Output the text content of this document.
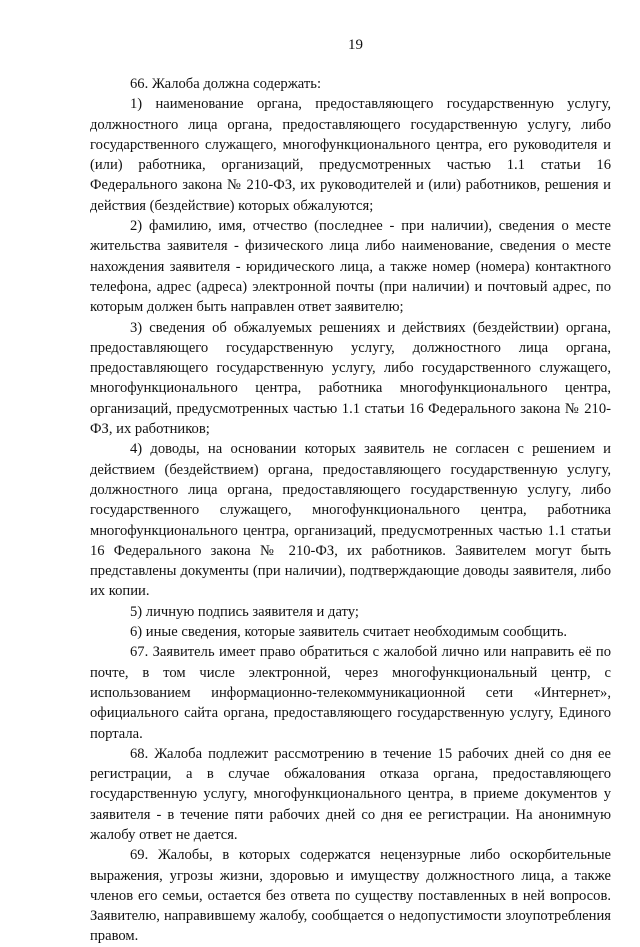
19

66. Жалоба должна содержать:

1) наименование органа, предоставляющего государственную услугу, должностного лица органа, предоставляющего государственную услугу, либо государственного служащего, многофункционального центра, его руководителя и (или) работника, организаций, предусмотренных частью 1.1 статьи 16 Федерального закона № 210-ФЗ, их руководителей и (или) работников, решения и действия (бездействие) которых обжалуются;

2) фамилию, имя, отчество (последнее - при наличии), сведения о месте жительства заявителя - физического лица либо наименование, сведения о месте нахождения заявителя - юридического лица, а также номер (номера) контактного телефона, адрес (адреса) электронной почты (при наличии) и почтовый адрес, по которым должен быть направлен ответ заявителю;

3) сведения об обжалуемых решениях и действиях (бездействии) органа, предоставляющего государственную услугу, должностного лица органа, предоставляющего государственную услугу, либо государственного служащего, многофункционального центра, работника многофункционального центра, организаций, предусмотренных частью 1.1 статьи 16 Федерального закона № 210-ФЗ, их работников;

4) доводы, на основании которых заявитель не согласен с решением и действием (бездействием) органа, предоставляющего государственную услугу, должностного лица органа, предоставляющего государственную услугу, либо государственного служащего, многофункционального центра, работника многофункционального центра, организаций, предусмотренных частью 1.1 статьи 16 Федерального закона № 210-ФЗ, их работников. Заявителем могут быть представлены документы (при наличии), подтверждающие доводы заявителя, либо их копии.

5) личную подпись заявителя и дату;

6) иные сведения, которые заявитель считает необходимым сообщить.

67. Заявитель имеет право обратиться с жалобой лично или направить её по почте, в том числе электронной, через многофункциональный центр, с использованием информационно-телекоммуникационной сети «Интернет», официального сайта органа, предоставляющего государственную услугу, Единого портала.

68. Жалоба подлежит рассмотрению в течение 15 рабочих дней со дня ее регистрации, а в случае обжалования отказа органа, предоставляющего государственную услугу, многофункционального центра, в приеме документов у заявителя - в течение пяти рабочих дней со дня ее регистрации. На анонимную жалобу ответ не дается.

69. Жалобы, в которых содержатся нецензурные либо оскорбительные выражения, угрозы жизни, здоровью и имуществу должностного лица, а также членов его семьи, остается без ответа по существу поставленных в ней вопросов. Заявителю, направившему жалобу, сообщается о недопустимости злоупотребления правом.
